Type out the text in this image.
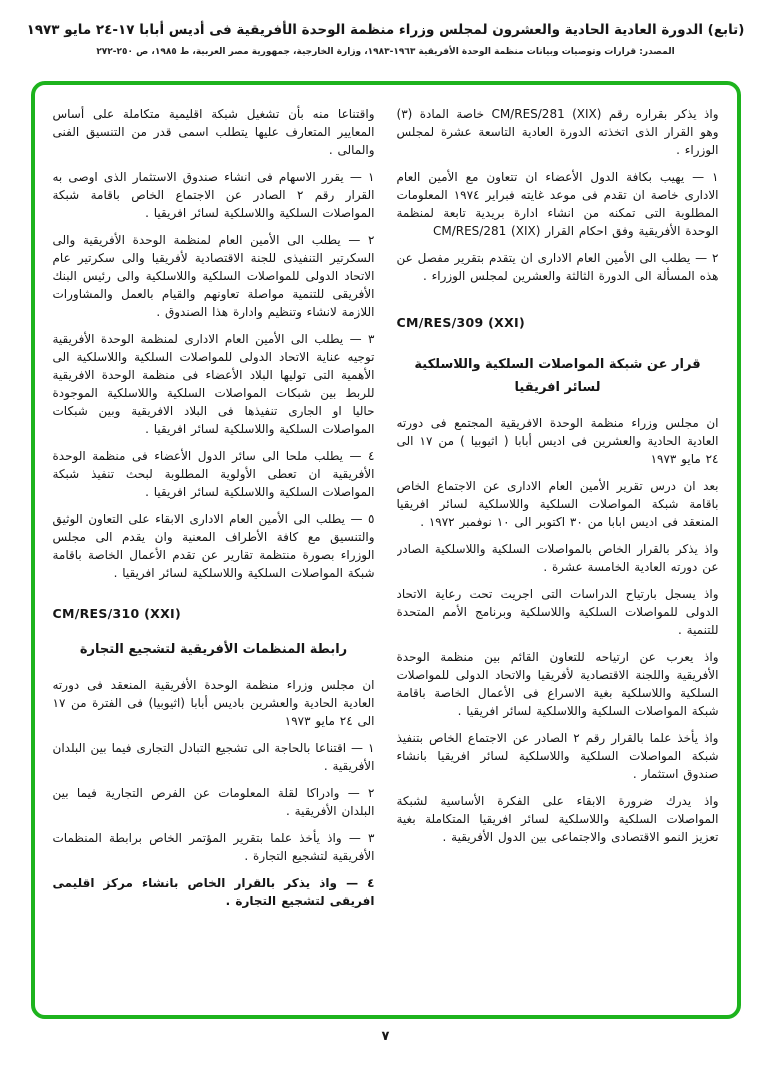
(تابع) الدورة العادية الحادية والعشرون لمجلس وزراء منظمة الوحدة الأفريقية فى أديس أبابا ١٧-٢٤ مايو ١٩٧٣
المصدر: قرارات وتوصيات وبيانات منظمة الوحدة الأفريقية ١٩٦٣-١٩٨٣، وزارة الخارجية، جمهورية مصر العربية، ط ١٩٨٥، ص ٢٥٠-٢٧٢

واذ يذكر بقراره رقم CM/RES/281 (XIX) خاصة المادة (٣) وهو القرار الذى اتخذته الدورة العادية التاسعة عشرة لمجلس الوزراء .

١ — يهيب بكافة الدول الأعضاء ان تتعاون مع الأمين العام الادارى خاصة ان تقدم فى موعد غايته فبراير ١٩٧٤ المعلومات المطلوبة التى تمكنه من انشاء ادارة بريدية تابعة لمنظمة الوحدة الأفريقية وفق احكام القرار CM/RES/281 (XIX)

٢ — يطلب الى الأمين العام الادارى ان يتقدم بتقرير مفصل عن هذه المسألة الى الدورة الثالثة والعشرين لمجلس الوزراء .

CM/RES/309 (XXI)
قرار عن شبكة المواصلات السلكية واللاسلكية لسائر افريقيا

ان مجلس وزراء منظمة الوحدة الافريقية المجتمع فى دورته العادية الحادية والعشرين فى اديس أبابا ( اثيوبيا ) من ١٧ الى ٢٤ مايو ١٩٧٣

بعد ان درس تقرير الأمين العام الادارى عن الاجتماع الخاص باقامة شبكة المواصلات السلكية واللاسلكية لسائر افريقيا المنعقد فى اديس ابابا من ٣٠ اكتوبر الى ١٠ نوفمبر ١٩٧٢ .

واذ يذكر بالقرار الخاص بالمواصلات السلكية واللاسلكية الصادر عن دورته العادية الخامسة عشرة .

واذ يسجل بارتياح الدراسات التى اجريت تحت رعاية الاتحاد الدولى للمواصلات السلكية واللاسلكية وبرنامج الأمم المتحدة للتنمية .

واذ يعرب عن ارتياحه للتعاون القائم بين منظمة الوحدة الأفريقية واللجنة الاقتصادية لأفريقيا والاتحاد الدولى للمواصلات السلكية واللاسلكية بغية الاسراع فى الأعمال الخاصة باقامة شبكة المواصلات السلكية واللاسلكية لسائر افريقيا .

واذ يأخذ علما بالقرار رقم ٢ الصادر عن الاجتماع الخاص بتنفيذ شبكة المواصلات السلكية واللاسلكية لسائر افريقيا بانشاء صندوق استثمار .

واذ يدرك ضرورة الابقاء على الفكرة الأساسية لشبكة المواصلات السلكية واللاسلكية لسائر افريقيا المتكاملة بغية تعزيز النمو الاقتصادى والاجتماعى بين الدول الأفريقية .

واقتناعا منه بأن تشغيل شبكة اقليمية متكاملة على أساس المعايير المتعارف عليها يتطلب اسمى قدر من التنسيق الفنى والمالى .

١ — يقرر الاسهام فى انشاء صندوق الاستثمار الذى اوصى به القرار رقم ٢ الصادر عن الاجتماع الخاص باقامة شبكة المواصلات السلكية واللاسلكية لسائر افريقيا .

٢ — يطلب الى الأمين العام لمنظمة الوحدة الأفريقية والى السكرتير التنفيذى للجنة الاقتصادية لأفريقيا والى سكرتير عام الاتحاد الدولى للمواصلات السلكية واللاسلكية والى رئيس البنك الأفريقى للتنمية مواصلة تعاونهم والقيام بالعمل والمشاورات اللازمة لانشاء وتنظيم وادارة هذا الصندوق .

٣ — يطلب الى الأمين العام الادارى لمنظمة الوحدة الأفريقية توجيه عناية الاتحاد الدولى للمواصلات السلكية واللاسلكية الى الأهمية التى توليها البلاد الأعضاء فى منظمة الوحدة الافريقية للربط بين شبكات المواصلات السلكية واللاسلكية الموجودة حاليا او الجارى تنفيذها فى البلاد الافريقية وبين شبكات المواصلات السلكية واللاسلكية لسائر افريقيا .

٤ — يطلب ملحا الى سائر الدول الأعضاء فى منظمة الوحدة الأفريقية ان تعطى الأولوية المطلوبة لبحث تنفيذ شبكة المواصلات السلكية واللاسلكية لسائر افريقيا .

٥ — يطلب الى الأمين العام الادارى الابقاء على التعاون الوثيق والتنسيق مع كافة الأطراف المعنية وان يقدم الى مجلس الوزراء بصورة منتظمة تقارير عن تقدم الأعمال الخاصة باقامة شبكة المواصلات السلكية واللاسلكية لسائر افريقيا .

CM/RES/310 (XXI)
رابطة المنظمات الأفريقية لتشجيع التجارة

ان مجلس وزراء منظمة الوحدة الأفريقية المنعقد فى دورته العادية الحادية والعشرين باديس أبابا (اثيوبيا) فى الفترة من ١٧ الى ٢٤ مايو ١٩٧٣

١ — اقتناعا بالحاجة الى تشجيع التبادل التجارى فيما بين البلدان الأفريقية .

٢ — وادراكا لقلة المعلومات عن الفرص التجارية فيما بين البلدان الأفريقية .

٣ — واذ يأخذ علما بتقرير المؤتمر الخاص برابطة المنظمات الأفريقية لتشجيع التجارة .

٤ — واذ يذكر بالقرار الخاص بانشاء مركز اقليمى افريقى لتشجيع التجارة .

٧
